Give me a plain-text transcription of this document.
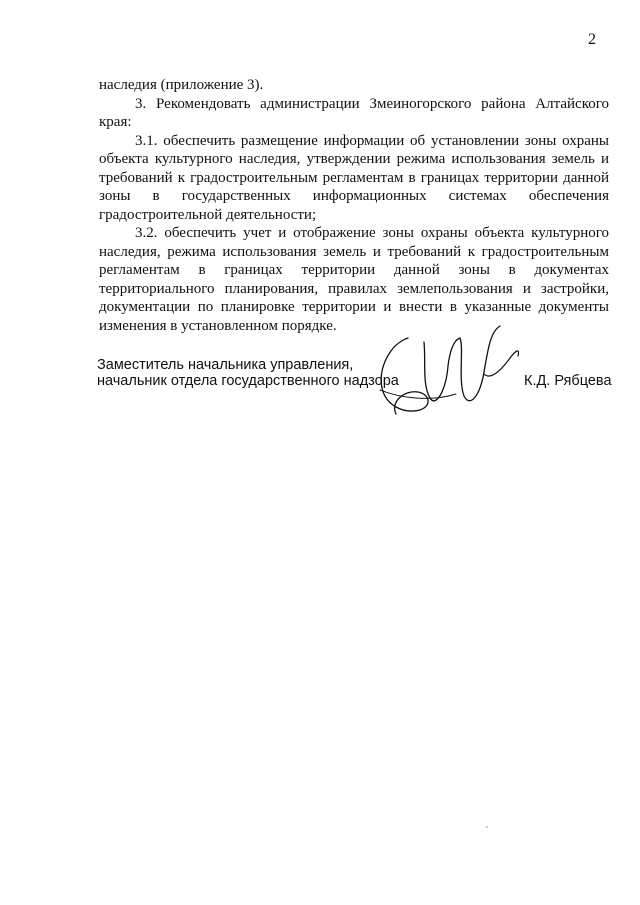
2

наследия (приложение 3).

3. Рекомендовать администрации Змеиногорского района Алтайского края:

3.1. обеспечить размещение информации об установлении зоны охраны объекта культурного наследия, утверждении режима использования земель и требований к градостроительным регламентам в границах территории данной зоны в государственных информационных системах обеспечения градостроительной деятельности;

3.2. обеспечить учет и отображение зоны охраны объекта культурного наследия, режима использования земель и требований к градостроительным регламентам в границах территории данной зоны в документах территориального планирования, правилах землепользования и застройки, документации по планировке территории и внести в указанные документы изменения в установленном порядке.

Заместитель начальника управления,
начальник отдела государственного надзора	К.Д. Рябцева
